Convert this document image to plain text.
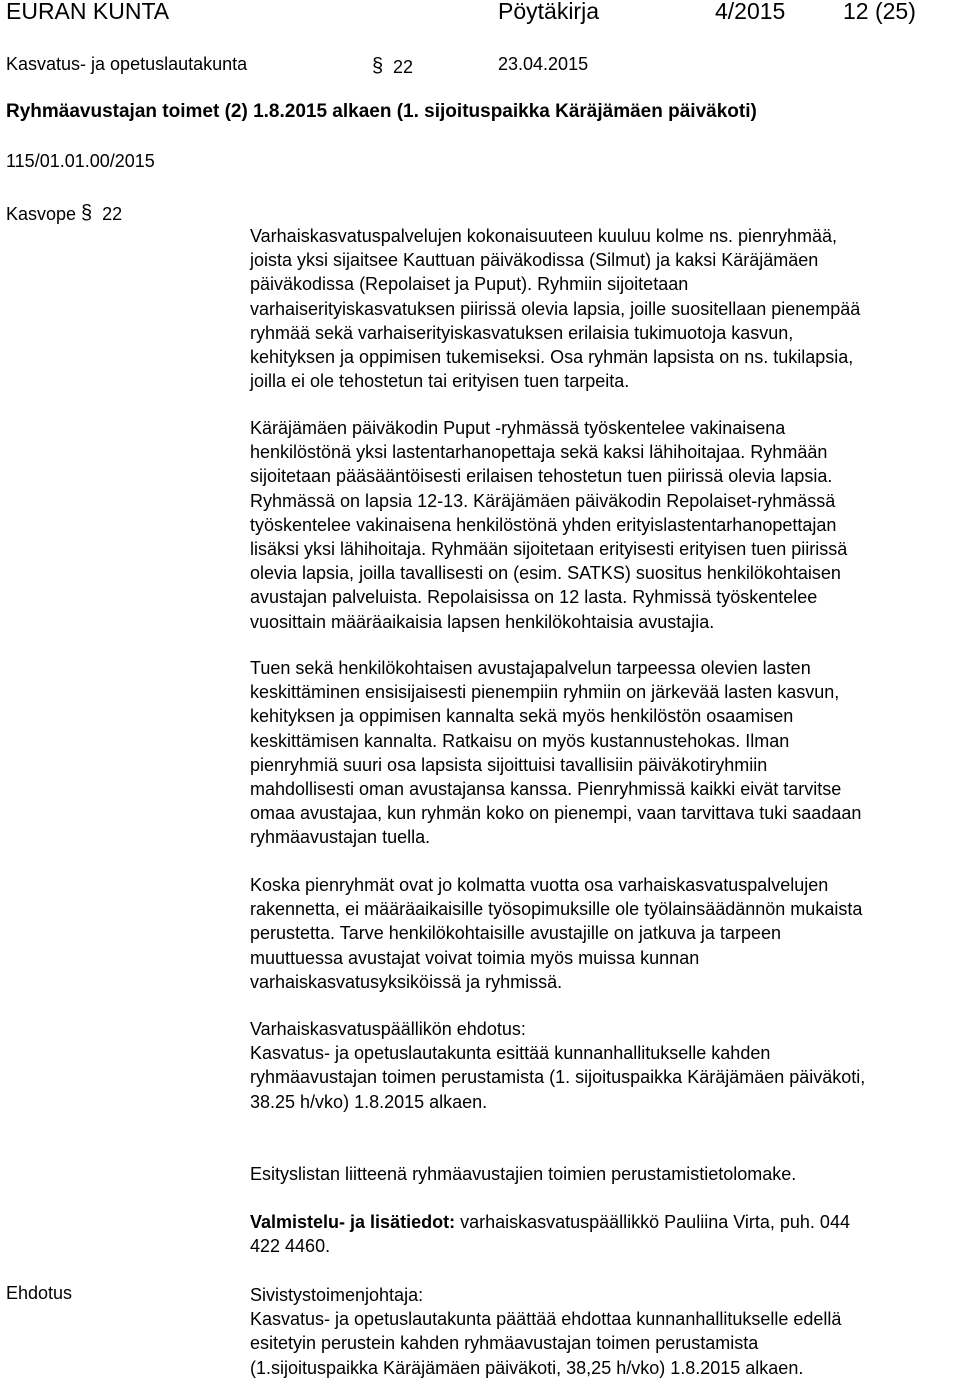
EURAN KUNTA	Pöytäkirja	4/2015	12 (25)
Kasvatus- ja opetuslautakunta	§ 22	23.04.2015
Ryhmäavustajan toimet (2) 1.8.2015 alkaen (1. sijoituspaikka Käräjämäen päiväkoti)
115/01.01.00/2015
Kasvope § 22
Varhaiskasvatuspalvelujen kokonaisuuteen kuuluu kolme ns. pienryhmää,
joista yksi sijaitsee Kauttuan päiväkodissa (Silmut) ja kaksi Käräjämäen
päiväkodissa (Repolaiset ja Puput). Ryhmiin sijoitetaan
varhaiserityiskasvatuksen piirissä olevia lapsia, joille suositellaan pienempää
ryhmää sekä varhaiserityiskasvatuksen erilaisia tukimuotoja kasvun,
kehityksen ja oppimisen tukemiseksi. Osa ryhmän lapsista on ns. tukilapsia,
joilla ei ole tehostetun tai erityisen tuen tarpeita.
Käräjämäen päiväkodin Puput -ryhmässä työskentelee vakinaisena
henkilöstönä yksi lastentarhanopettaja sekä kaksi lähihoitajaa. Ryhmään
sijoitetaan pääsääntöisesti erilaisen tehostetun tuen piirissä olevia lapsia.
Ryhmässä on lapsia 12-13. Käräjämäen päiväkodin Repolaiset-ryhmässä
työskentelee vakinaisena henkilöstönä yhden erityislastentarhanopettajan
lisäksi yksi lähihoitaja. Ryhmään sijoitetaan erityisesti erityisen tuen piirissä
olevia lapsia, joilla tavallisesti on (esim. SATKS) suositus henkilökohtaisen
avustajan palveluista. Repolaisissa on 12 lasta. Ryhmissä työskentelee
vuosittain määräaikaisia lapsen henkilökohtaisia avustajia.
Tuen sekä henkilökohtaisen avustajapalvelun tarpeessa olevien lasten
keskittäminen ensisijaisesti pienempiin ryhmiin on järkevää lasten kasvun,
kehityksen ja oppimisen kannalta sekä myös henkilöstön osaamisen
keskittämisen kannalta. Ratkaisu on myös kustannustehokas. Ilman
pienryhmiä suuri osa lapsista sijoittuisi tavallisiin päiväkotiryhmiin
mahdollisesti oman avustajansa kanssa. Pienryhmissä kaikki eivät tarvitse
omaa avustajaa, kun ryhmän koko on pienempi, vaan tarvittava tuki saadaan
ryhmäavustajan tuella.
Koska pienryhmät ovat jo kolmatta vuotta osa varhaiskasvatuspalvelujen
rakennetta, ei määräaikaisille työsopimuksille ole työlainsäädännön mukaista
perustetta. Tarve henkilökohtaisille avustajille on jatkuva ja tarpeen
muuttuessa avustajat voivat toimia myös muissa kunnan
varhaiskasvatusyksiköissä ja ryhmissä.
Varhaiskasvatuspäällikön ehdotus:
Kasvatus- ja opetuslautakunta esittää kunnanhallitukselle kahden
ryhmäavustajan toimen perustamista (1. sijoituspaikka Käräjämäen päiväkoti,
38.25 h/vko) 1.8.2015 alkaen.
Esityslistan liitteenä ryhmäavustajien toimien perustamistietolomake.
Valmistelu- ja lisätiedot: varhaiskasvatuspäällikkö Pauliina Virta, puh. 044
422 4460.
Ehdotus	Sivistystoimenjohtaja:
Kasvatus- ja opetuslautakunta päättää ehdottaa kunnanhallitukselle edellä
esitetyin perustein kahden ryhmäavustajan toimen perustamista
(1.sijoituspaikka Käräjämäen päiväkoti, 38,25 h/vko) 1.8.2015 alkaen.
